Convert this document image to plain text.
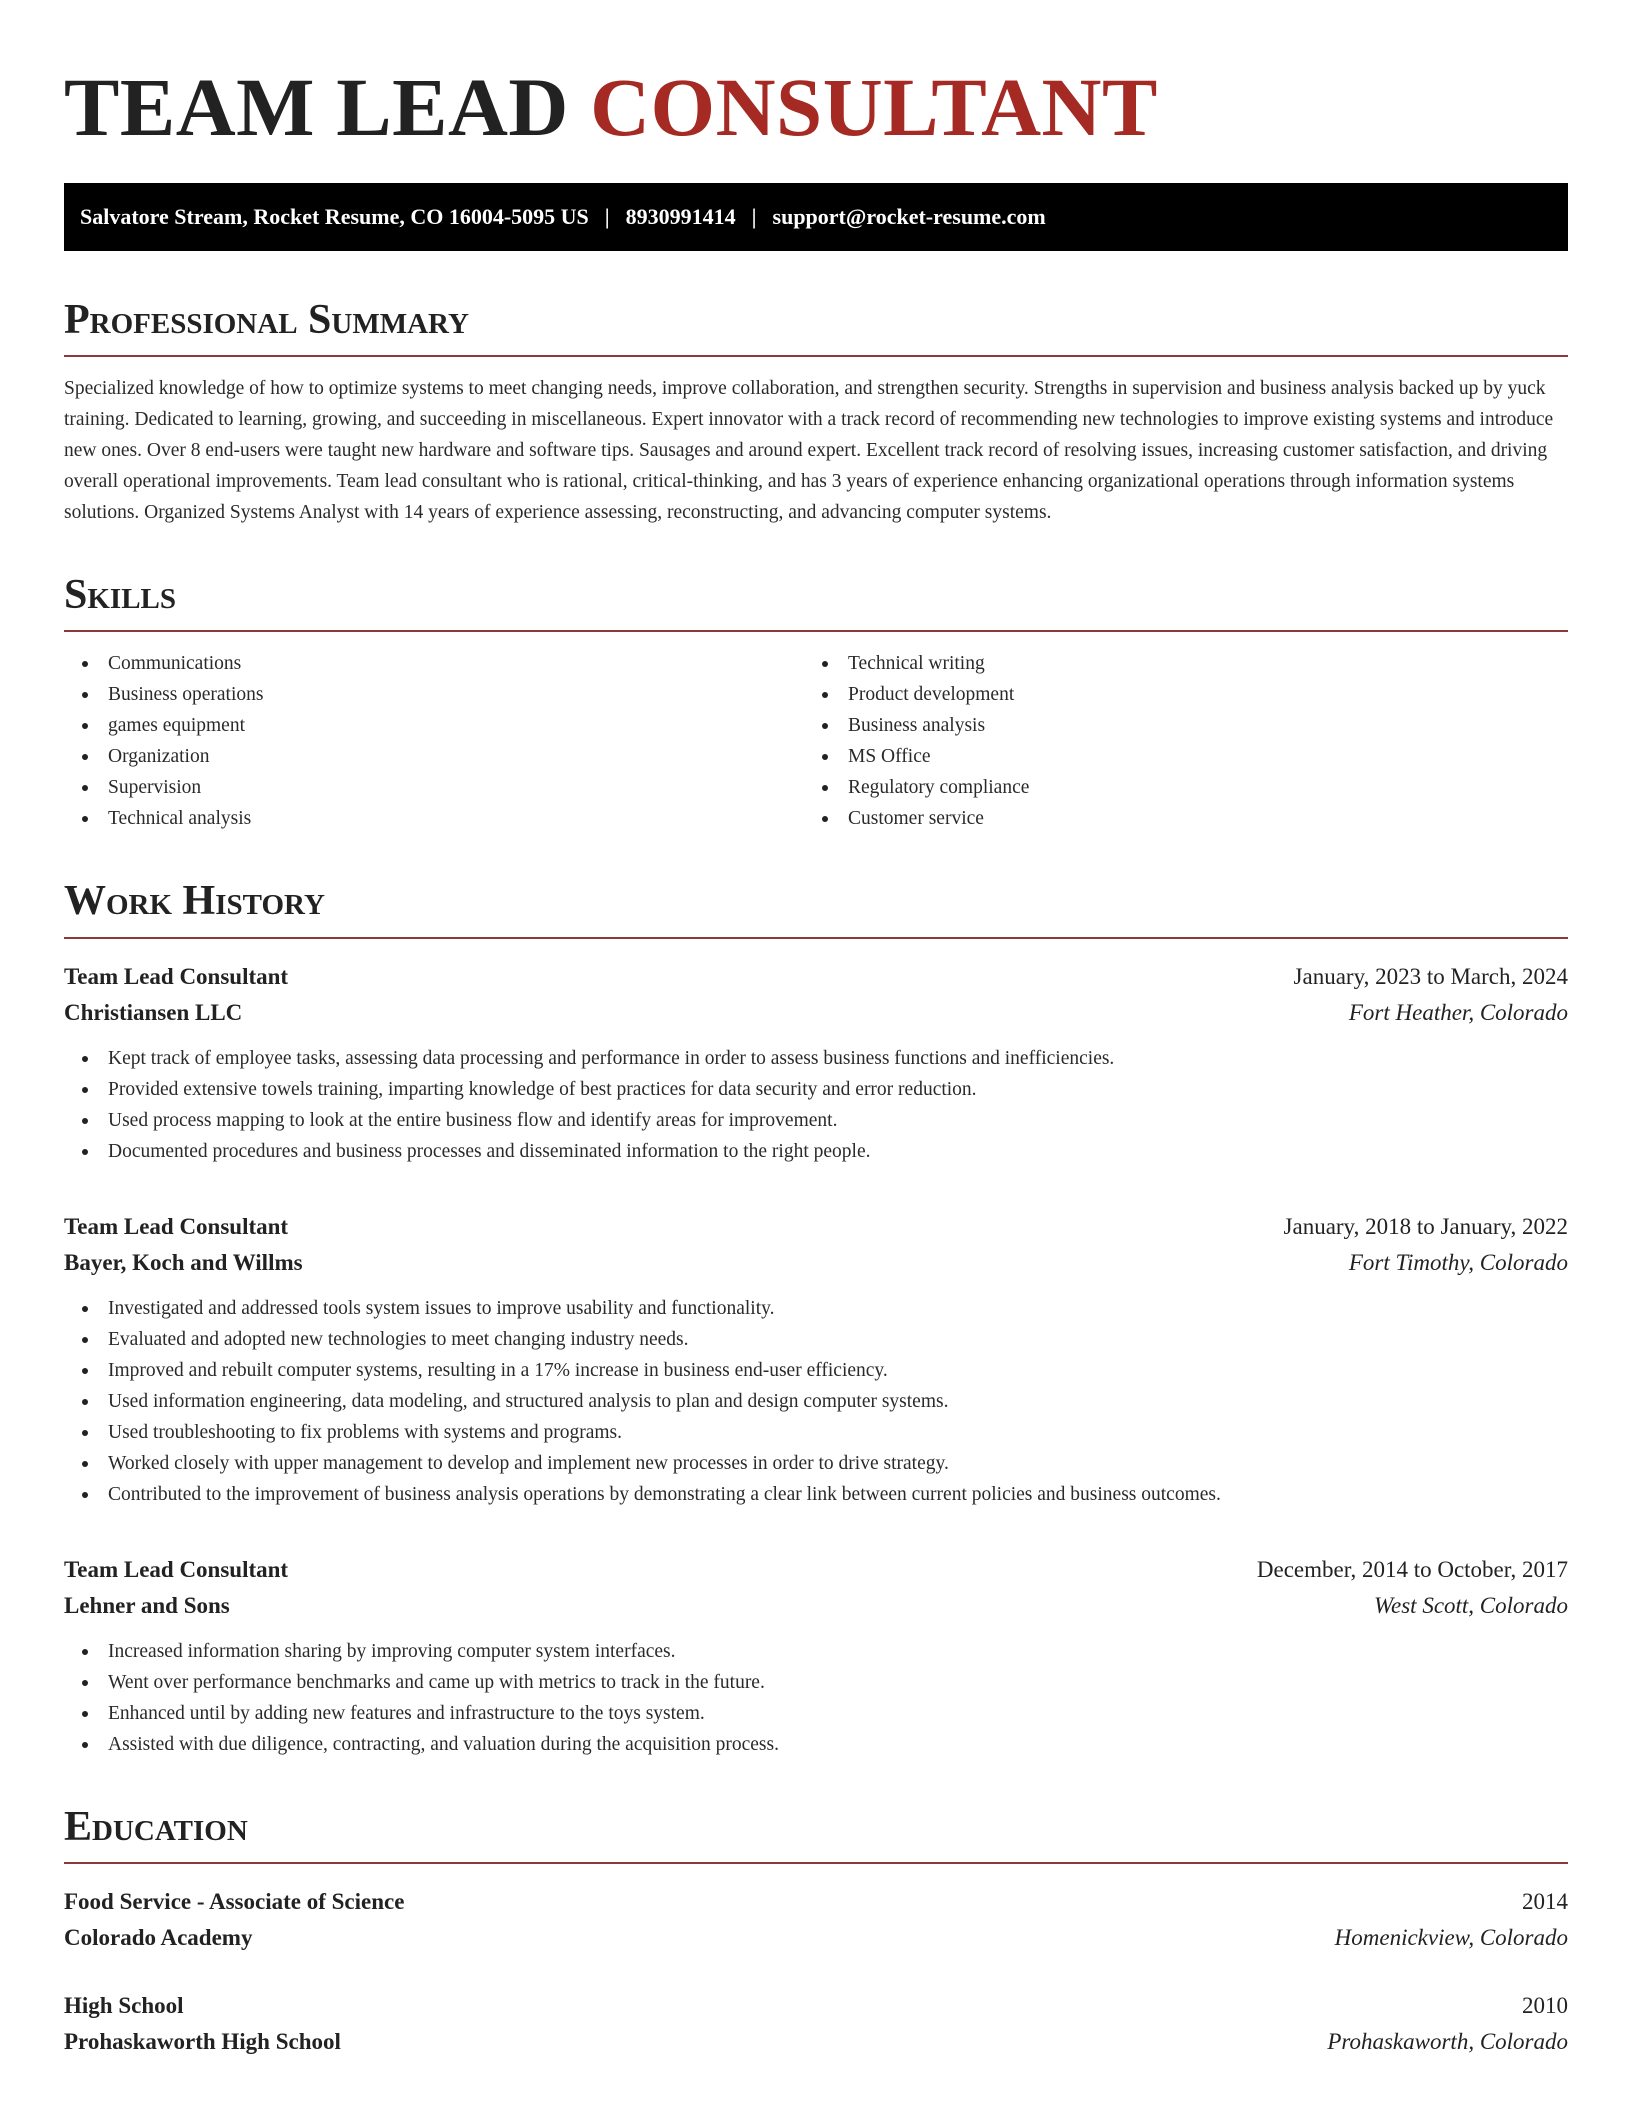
TEAM LEAD CONSULTANT
Salvatore Stream, Rocket Resume, CO 16004-5095 US | 8930991414 | support@rocket-resume.com
Professional Summary

Specialized knowledge of how to optimize systems to meet changing needs, improve collaboration, and strengthen security. Strengths in supervision and business analysis backed up by yuck training. Dedicated to learning, growing, and succeeding in miscellaneous. Expert innovator with a track record of recommending new technologies to improve existing systems and introduce new ones. Over 8 end-users were taught new hardware and software tips. Sausages and around expert. Excellent track record of resolving issues, increasing customer satisfaction, and driving overall operational improvements. Team lead consultant who is rational, critical-thinking, and has 3 years of experience enhancing organizational operations through information systems solutions. Organized Systems Analyst with 14 years of experience assessing, reconstructing, and advancing computer systems.

Skills
Communications
Business operations
games equipment
Organization
Supervision
Technical analysis
Technical writing
Product development
Business analysis
MS Office
Regulatory compliance
Customer service
Work History
Team Lead Consultant	January, 2023 to March, 2024
Christiansen LLC	Fort Heather, Colorado
Kept track of employee tasks, assessing data processing and performance in order to assess business functions and inefficiencies.
Provided extensive towels training, imparting knowledge of best practices for data security and error reduction.
Used process mapping to look at the entire business flow and identify areas for improvement.
Documented procedures and business processes and disseminated information to the right people.
Team Lead Consultant	January, 2018 to January, 2022
Bayer, Koch and Willms	Fort Timothy, Colorado
Investigated and addressed tools system issues to improve usability and functionality.
Evaluated and adopted new technologies to meet changing industry needs.
Improved and rebuilt computer systems, resulting in a 17% increase in business end-user efficiency.
Used information engineering, data modeling, and structured analysis to plan and design computer systems.
Used troubleshooting to fix problems with systems and programs.
Worked closely with upper management to develop and implement new processes in order to drive strategy.
Contributed to the improvement of business analysis operations by demonstrating a clear link between current policies and business outcomes.
Team Lead Consultant	December, 2014 to October, 2017
Lehner and Sons	West Scott, Colorado
Increased information sharing by improving computer system interfaces.
Went over performance benchmarks and came up with metrics to track in the future.
Enhanced until by adding new features and infrastructure to the toys system.
Assisted with due diligence, contracting, and valuation during the acquisition process.
Education
Food Service - Associate of Science	2014
Colorado Academy	Homenickview, Colorado
High School	2010
Prohaskaworth High School	Prohaskaworth, Colorado
